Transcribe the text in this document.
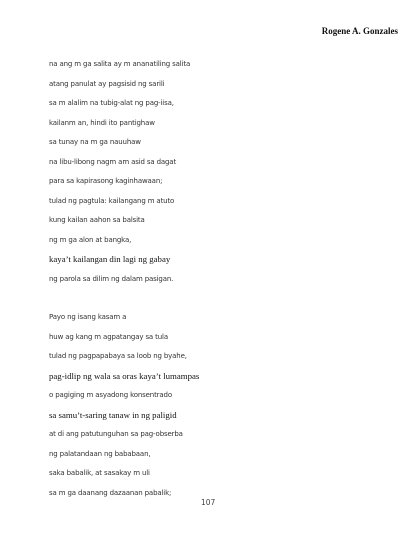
Rogene A. Gonzales
na ang m ga salita ay m ananatiling salita
atang panulat ay pagsisid ng sarili
sa m alalim na tubig-alat ng pag-iisa,
kailanm an, hindi ito pantighaw
sa tunay na m ga nauuhaw
na libu-libong nagm am asid sa dagat
para sa kapirasong kaginhawaan;
tulad ng pagtula: kailangang m atuto
kung kailan aahon sa balsita
ng m ga alon at bangka,
kaya’t kailangan din lagi ng gabay
ng parola sa dilim ng dalam pasigan.
Payo ng isang kasam a
huw ag kang m agpatangay sa tula
tulad ng pagpapabaya sa loob ng byahe,
pag-idlip ng wala sa oras kaya’t lumampas
o pagiging m asyadong konsentrado
sa samu’t-saring tanaw in ng paligid
at di ang patutunguhan sa pag-obserba
ng palatandaan ng bababaan,
saka babalik, at sasakay m uli
sa m ga daanang dazaanan pabalik;
107
